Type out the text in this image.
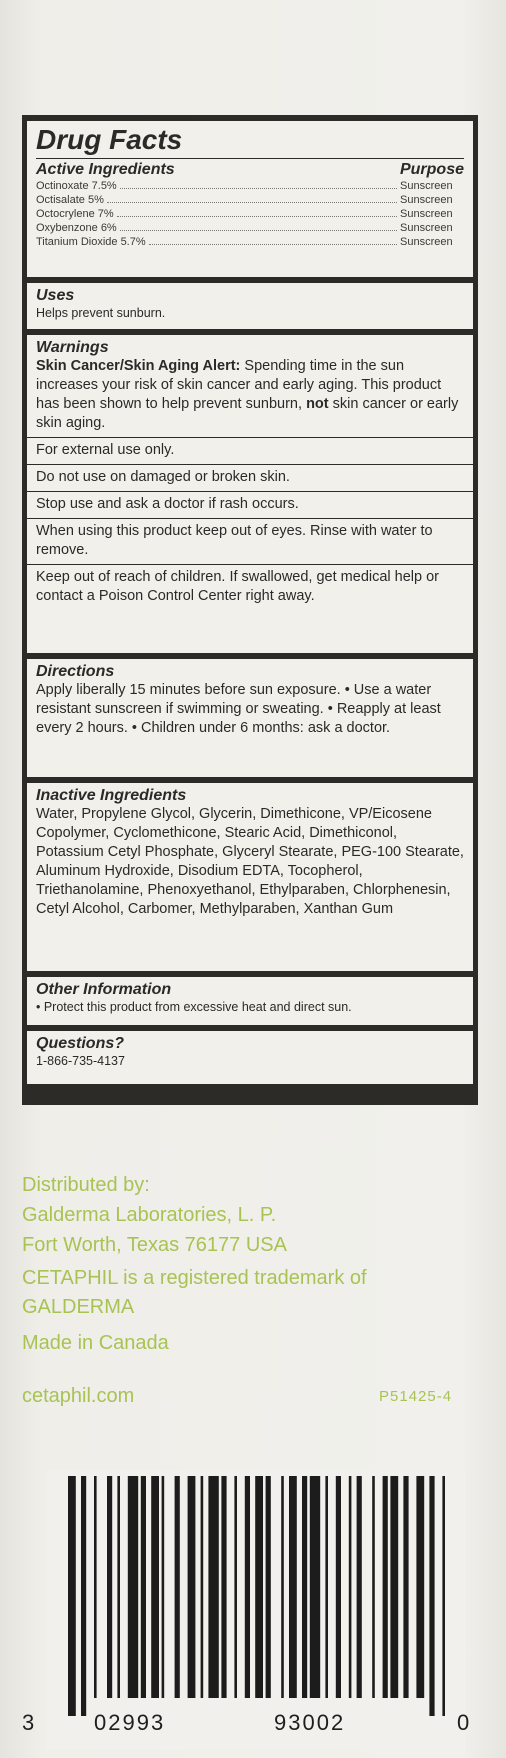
Drug Facts
Active Ingredients	Purpose
Octinoxate 7.5%	Sunscreen
Octisalate 5%	Sunscreen
Octocrylene 7%	Sunscreen
Oxybenzone 6%	Sunscreen
Titanium Dioxide 5.7%	Sunscreen

Uses

Helps prevent sunburn.

Warnings

Skin Cancer/Skin Aging Alert: Spending time in the sun increases your risk of skin cancer and early aging. This product has been shown to help prevent sunburn, not skin cancer or early skin aging.

For external use only.

Do not use on damaged or broken skin.

Stop use and ask a doctor if rash occurs.

When using this product keep out of eyes. Rinse with water to remove.

Keep out of reach of children. If swallowed, get medical help or contact a Poison Control Center right away.

Directions

Apply liberally 15 minutes before sun exposure. • Use a water resistant sunscreen if swimming or sweating. • Reapply at least every 2 hours. • Children under 6 months: ask a doctor.

Inactive Ingredients

Water, Propylene Glycol, Glycerin, Dimethicone, VP/Eicosene Copolymer, Cyclomethicone, Stearic Acid, Dimethiconol, Potassium Cetyl Phosphate, Glyceryl Stearate, PEG-100 Stearate, Aluminum Hydroxide, Disodium EDTA, Tocopherol, Triethanolamine, Phenoxyethanol, Ethylparaben, Chlorphenesin, Cetyl Alcohol, Carbomer, Methylparaben, Xanthan Gum

Other Information

• Protect this product from excessive heat and direct sun.

Questions?

1-866-735-4137

Distributed by:
Galderma Laboratories, L. P.
Fort Worth, Texas 76177 USA
CETAPHIL is a registered trademark of
GALDERMA
Made in Canada
cetaphil.com	P51425-4
3	02993	93002	0
